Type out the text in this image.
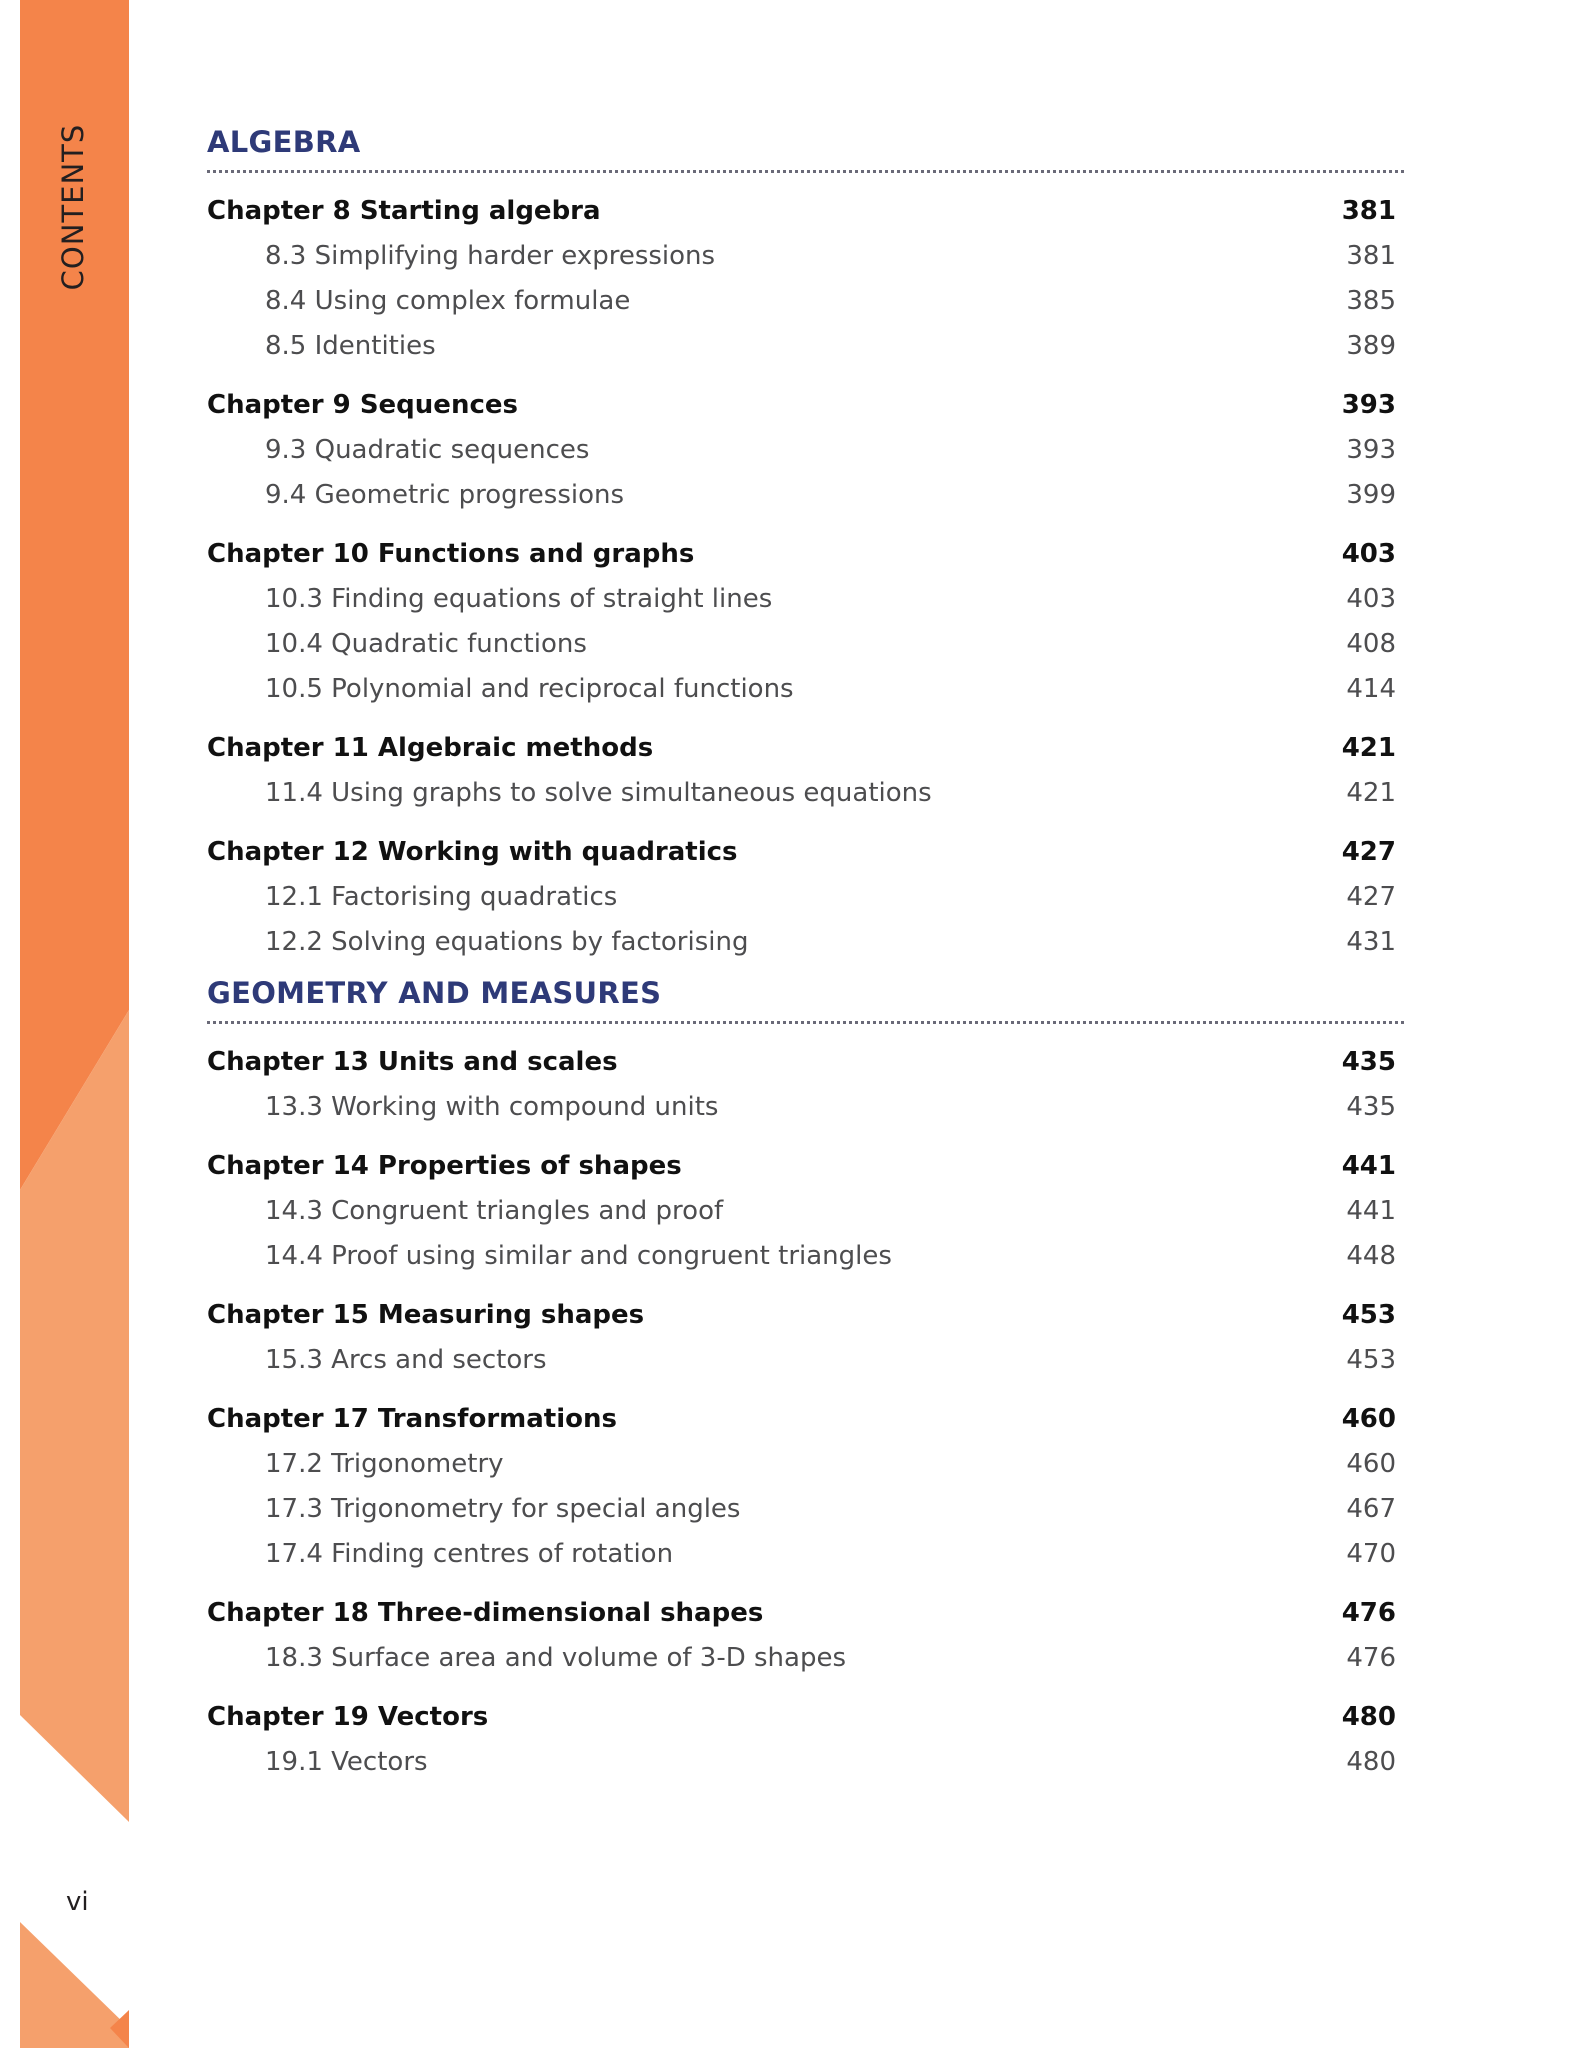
CONTENTS
vi
ALGEBRA
Chapter 8 Starting algebra	381
8.3 Simplifying harder expressions	381
8.4 Using complex formulae	385
8.5 Identities	389
Chapter 9 Sequences	393
9.3 Quadratic sequences	393
9.4 Geometric progressions	399
Chapter 10 Functions and graphs	403
10.3 Finding equations of straight lines	403
10.4 Quadratic functions	408
10.5 Polynomial and reciprocal functions	414
Chapter 11 Algebraic methods	421
11.4 Using graphs to solve simultaneous equations	421
Chapter 12 Working with quadratics	427
12.1 Factorising quadratics	427
12.2 Solving equations by factorising	431
GEOMETRY AND MEASURES
Chapter 13 Units and scales	435
13.3 Working with compound units	435
Chapter 14 Properties of shapes	441
14.3 Congruent triangles and proof	441
14.4 Proof using similar and congruent triangles	448
Chapter 15 Measuring shapes	453
15.3 Arcs and sectors	453
Chapter 17 Transformations	460
17.2 Trigonometry	460
17.3 Trigonometry for special angles	467
17.4 Finding centres of rotation	470
Chapter 18 Three-dimensional shapes	476
18.3 Surface area and volume of 3-D shapes	476
Chapter 19 Vectors	480
19.1 Vectors	480
